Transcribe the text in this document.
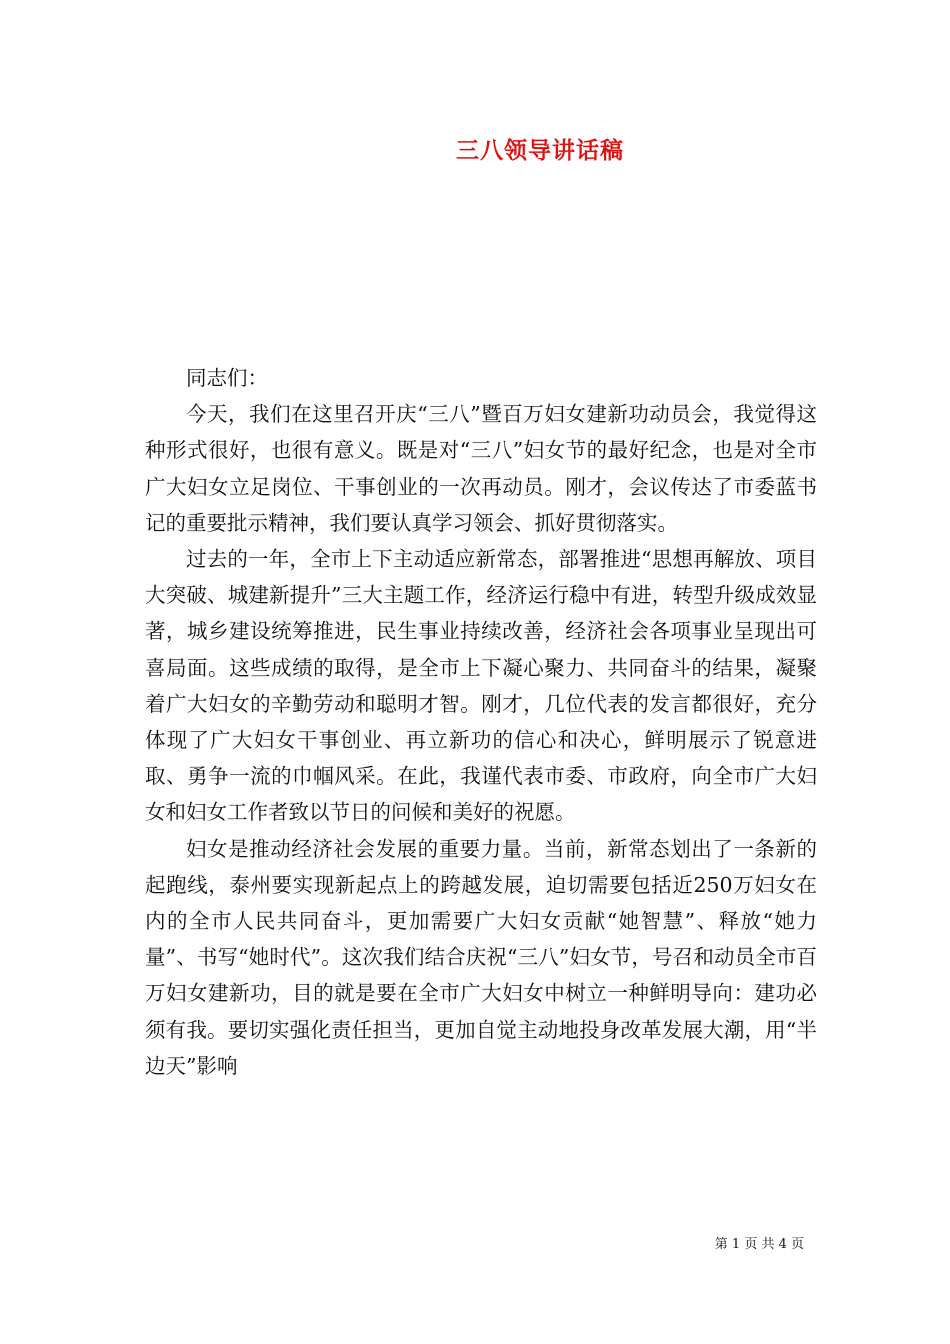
三八领导讲话稿

同志们：

今天，我们在这里召开庆“三八”暨百万妇女建新功动员会，我觉得这种形式很好，也很有意义。既是对“三八”妇女节的最好纪念，也是对全市广大妇女立足岗位、干事创业的一次再动员。刚才，会议传达了市委蓝书记的重要批示精神，我们要认真学习领会、抓好贯彻落实。

过去的一年，全市上下主动适应新常态，部署推进“思想再解放、项目大突破、城建新提升”三大主题工作，经济运行稳中有进，转型升级成效显著，城乡建设统筹推进，民生事业持续改善，经济社会各项事业呈现出可喜局面。这些成绩的取得，是全市上下凝心聚力、共同奋斗的结果，凝聚着广大妇女的辛勤劳动和聪明才智。刚才，几位代表的发言都很好，充分体现了广大妇女干事创业、再立新功的信心和决心，鲜明展示了锐意进取、勇争一流的巾帼风采。在此，我谨代表市委、市政府，向全市广大妇女和妇女工作者致以节日的问候和美好的祝愿。

妇女是推动经济社会发展的重要力量。当前，新常态划出了一条新的起跑线，泰州要实现新起点上的跨越发展，迫切需要包括近250万妇女在内的全市人民共同奋斗，更加需要广大妇女贡献“她智慧”、释放“她力量”、书写“她时代”。这次我们结合庆祝“三八”妇女节，号召和动员全市百万妇女建新功，目的就是要在全市广大妇女中树立一种鲜明导向：建功必须有我。要切实强化责任担当，更加自觉主动地投身改革发展大潮，用“半边天”影响

第 1 页 共 4 页
